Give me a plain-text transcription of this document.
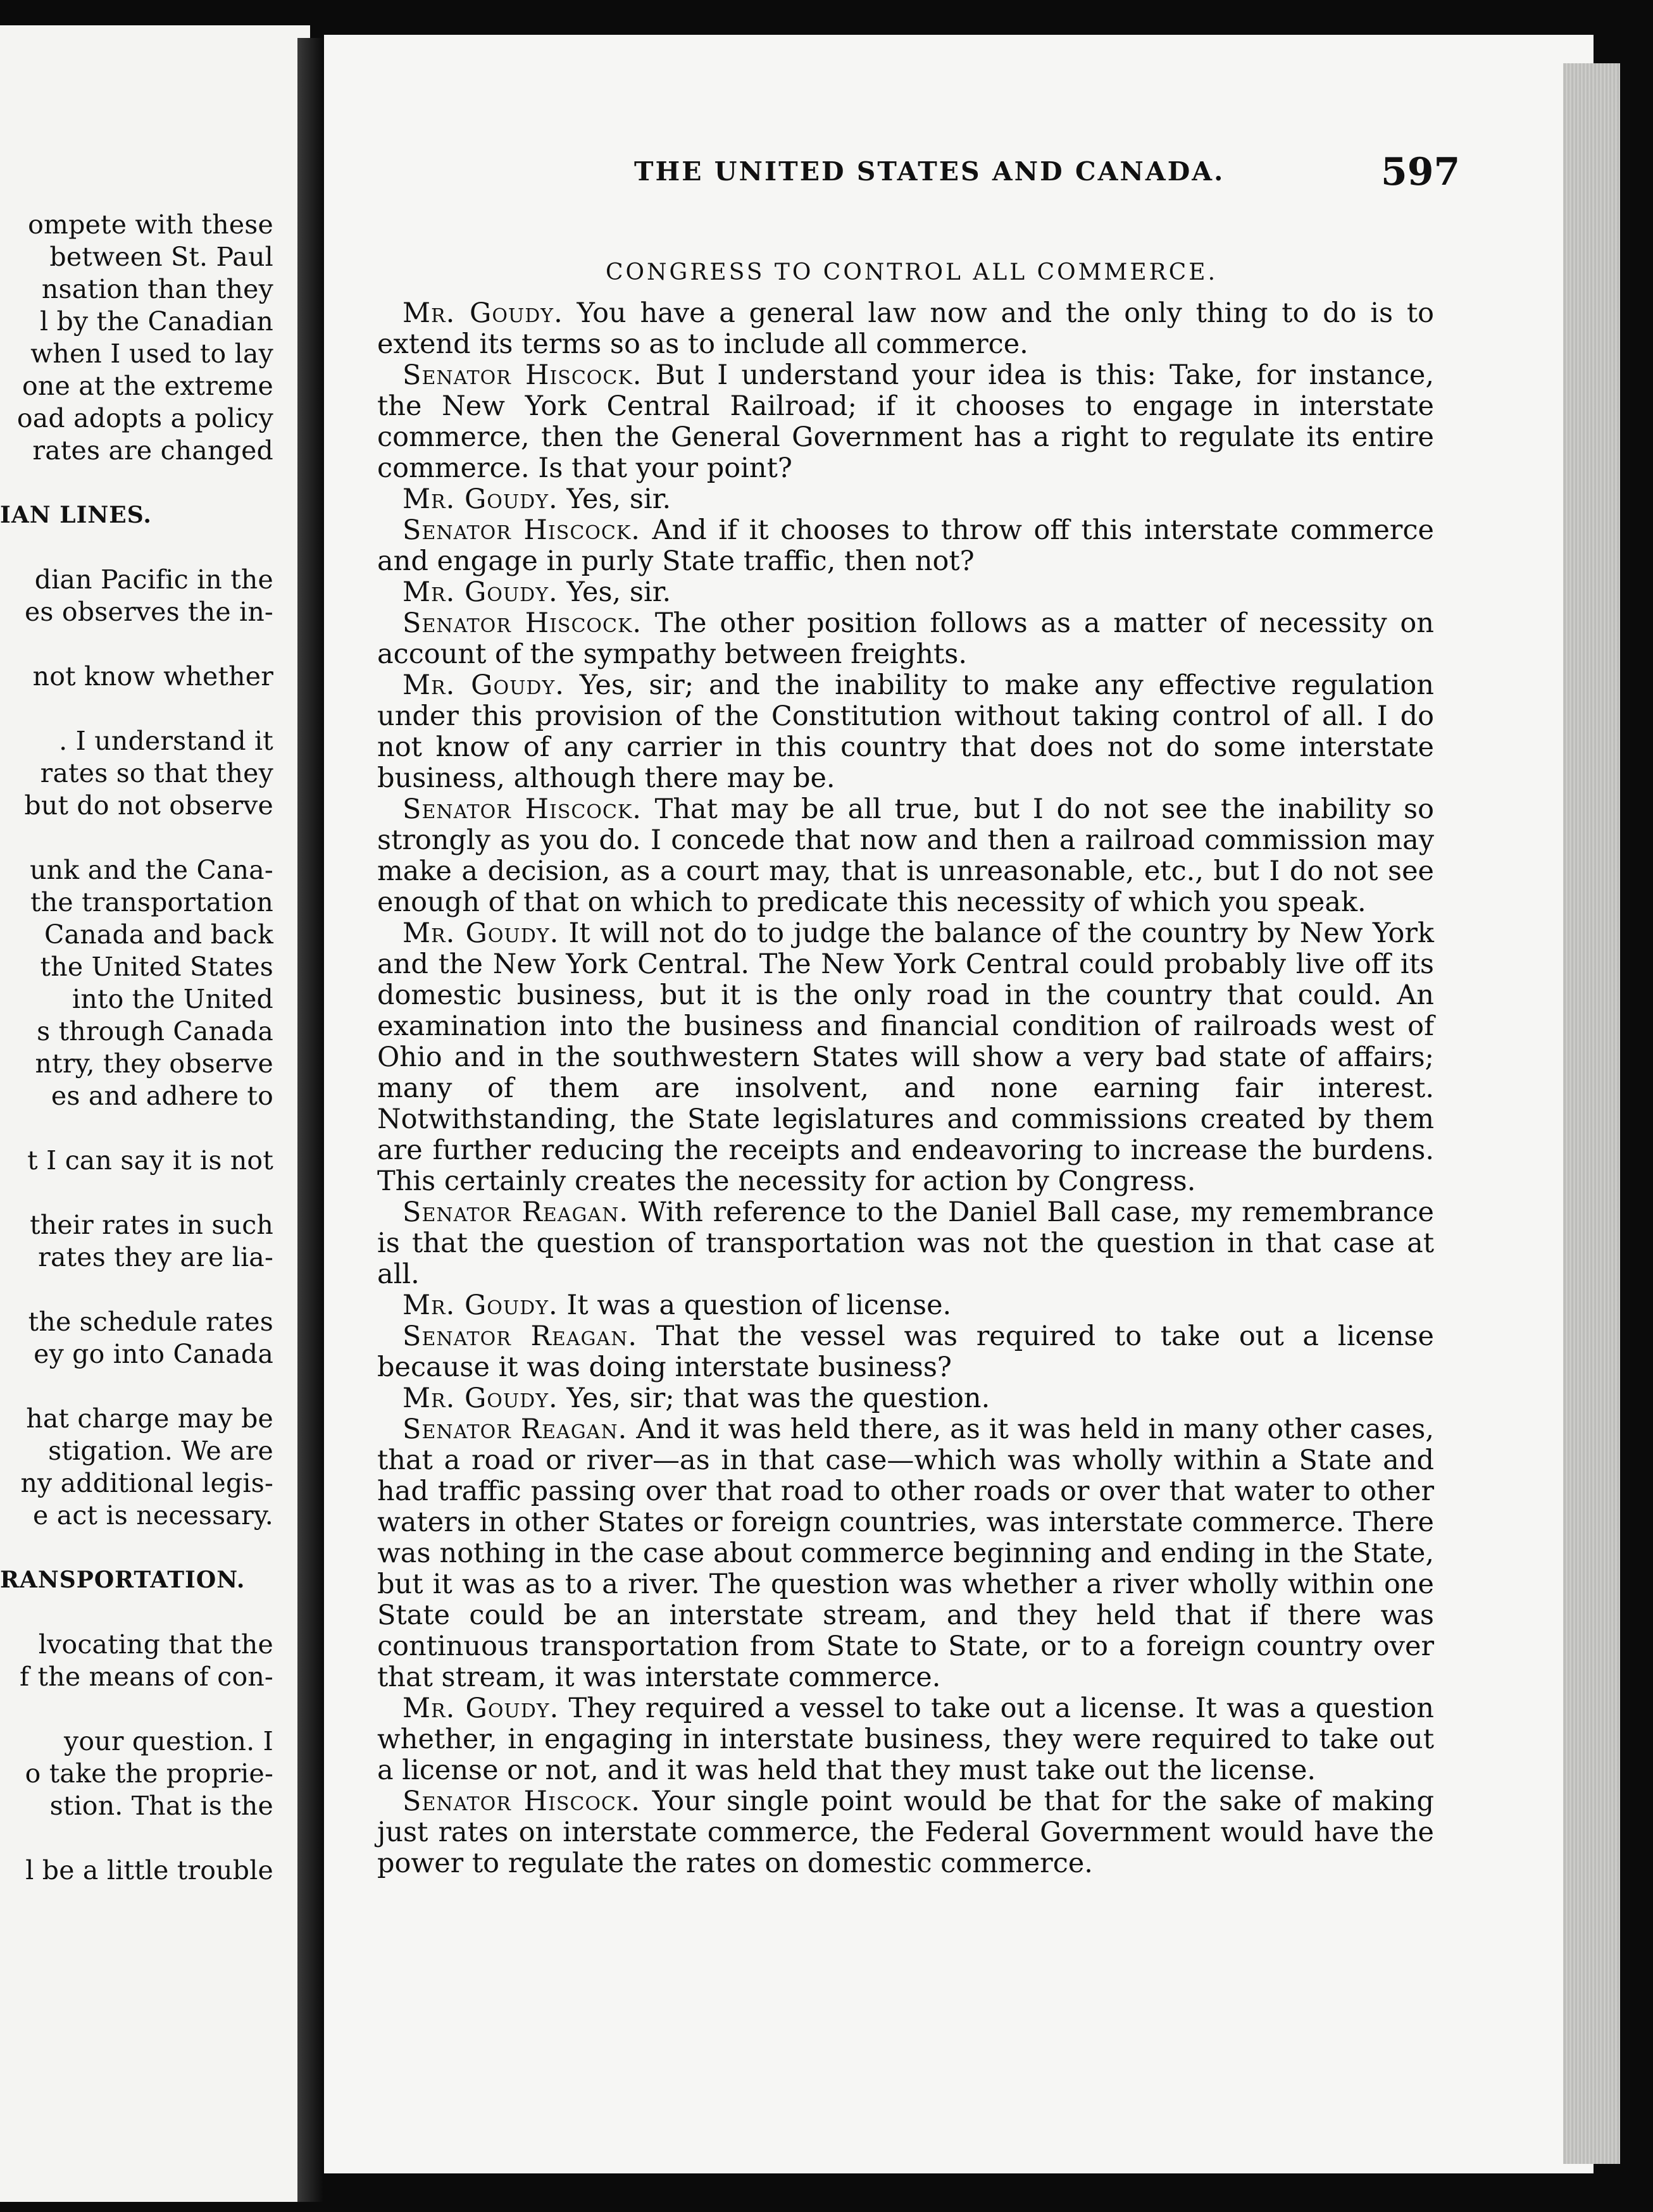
ompete with these
between St. Paul
nsation than they
l by the Canadian
when I used to lay
one at the extreme
oad adopts a policy
rates are changed
IAN LINES.
dian Pacific in the
es observes the in-
not know whether
. I understand it
rates so that they
but do not observe
unk and the Cana-
the transportation
Canada and back
the United States
into the United
s through Canada
ntry, they observe
es and adhere to
t I can say it is not
their rates in such
rates they are lia-
the schedule rates
ey go into Canada
hat charge may be
stigation. We are
ny additional legis-
e act is necessary.
RANSPORTATION.
lvocating that the
f the means of con-
your question. I
o take the proprie-
stion. That is the
l be a little trouble
THE UNITED STATES AND CANADA.	597
CONGRESS TO CONTROL ALL COMMERCE.

Mr. Goudy. You have a general law now and the only thing to do is to extend its terms so as to include all commerce.

Senator Hiscock. But I understand your idea is this: Take, for instance, the New York Central Railroad; if it chooses to engage in interstate commerce, then the General Government has a right to regulate its entire commerce. Is that your point?

Mr. Goudy. Yes, sir.

Senator Hiscock. And if it chooses to throw off this interstate commerce and engage in purly State traffic, then not?

Mr. Goudy. Yes, sir.

Senator Hiscock. The other position follows as a matter of necessity on account of the sympathy between freights.

Mr. Goudy. Yes, sir; and the inability to make any effective regulation under this provision of the Constitution without taking control of all. I do not know of any carrier in this country that does not do some interstate business, although there may be.

Senator Hiscock. That may be all true, but I do not see the inability so strongly as you do. I concede that now and then a railroad commission may make a decision, as a court may, that is unreasonable, etc., but I do not see enough of that on which to predicate this necessity of which you speak.

Mr. Goudy. It will not do to judge the balance of the country by New York and the New York Central. The New York Central could probably live off its domestic business, but it is the only road in the country that could. An examination into the business and financial condition of railroads west of Ohio and in the southwestern States will show a very bad state of affairs; many of them are insolvent, and none earning fair interest. Notwithstanding, the State legislatures and commissions created by them are further reducing the receipts and endeavoring to increase the burdens. This certainly creates the necessity for action by Congress.

Senator Reagan. With reference to the Daniel Ball case, my remembrance is that the question of transportation was not the question in that case at all.

Mr. Goudy. It was a question of license.

Senator Reagan. That the vessel was required to take out a license because it was doing interstate business?

Mr. Goudy. Yes, sir; that was the question.

Senator Reagan. And it was held there, as it was held in many other cases, that a road or river—as in that case—which was wholly within a State and had traffic passing over that road to other roads or over that water to other waters in other States or foreign countries, was interstate commerce. There was nothing in the case about commerce beginning and ending in the State, but it was as to a river. The question was whether a river wholly within one State could be an interstate stream, and they held that if there was continuous transportation from State to State, or to a foreign country over that stream, it was interstate commerce.

Mr. Goudy. They required a vessel to take out a license. It was a question whether, in engaging in interstate business, they were required to take out a license or not, and it was held that they must take out the license.

Senator Hiscock. Your single point would be that for the sake of making just rates on interstate commerce, the Federal Government would have the power to regulate the rates on domestic commerce.
